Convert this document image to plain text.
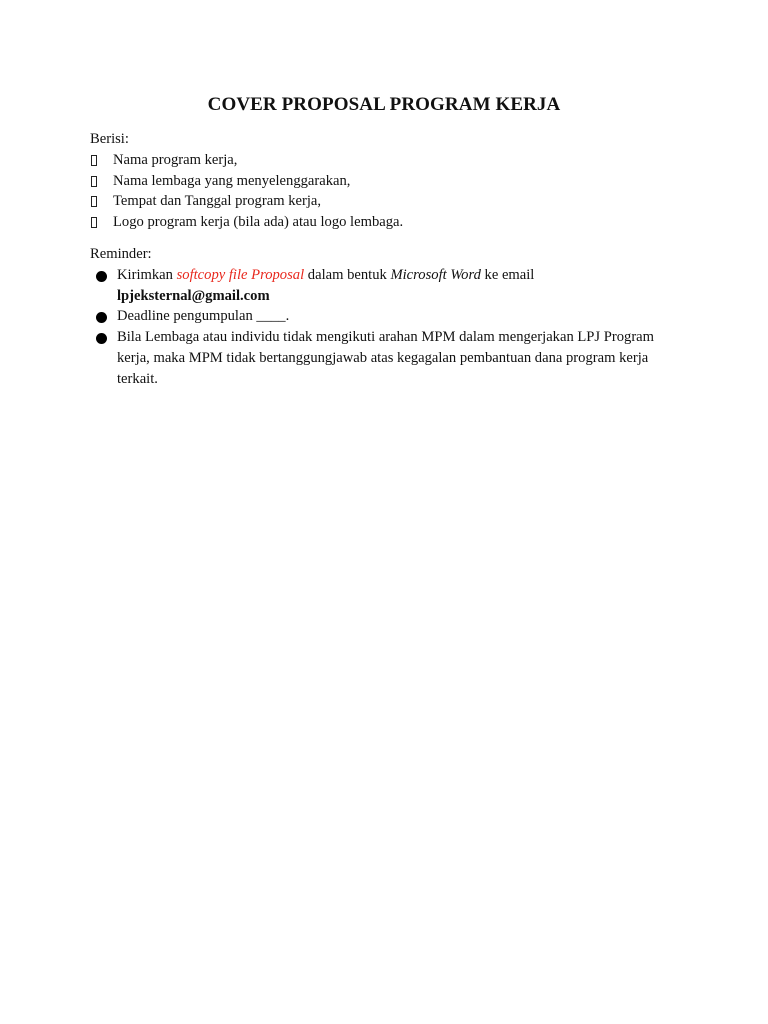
COVER PROPOSAL PROGRAM KERJA
Berisi:
Nama program kerja,
Nama lembaga yang menyelenggarakan,
Tempat dan Tanggal program kerja,
Logo program kerja (bila ada) atau logo lembaga.
Reminder:
Kirimkan softcopy file Proposal dalam bentuk Microsoft Word ke email
lpjeksternal@gmail.com
Deadline pengumpulan ____.
Bila Lembaga atau individu tidak mengikuti arahan MPM dalam mengerjakan LPJ Program kerja, maka MPM tidak bertanggungjawab atas kegagalan pembantuan dana program kerja terkait.
